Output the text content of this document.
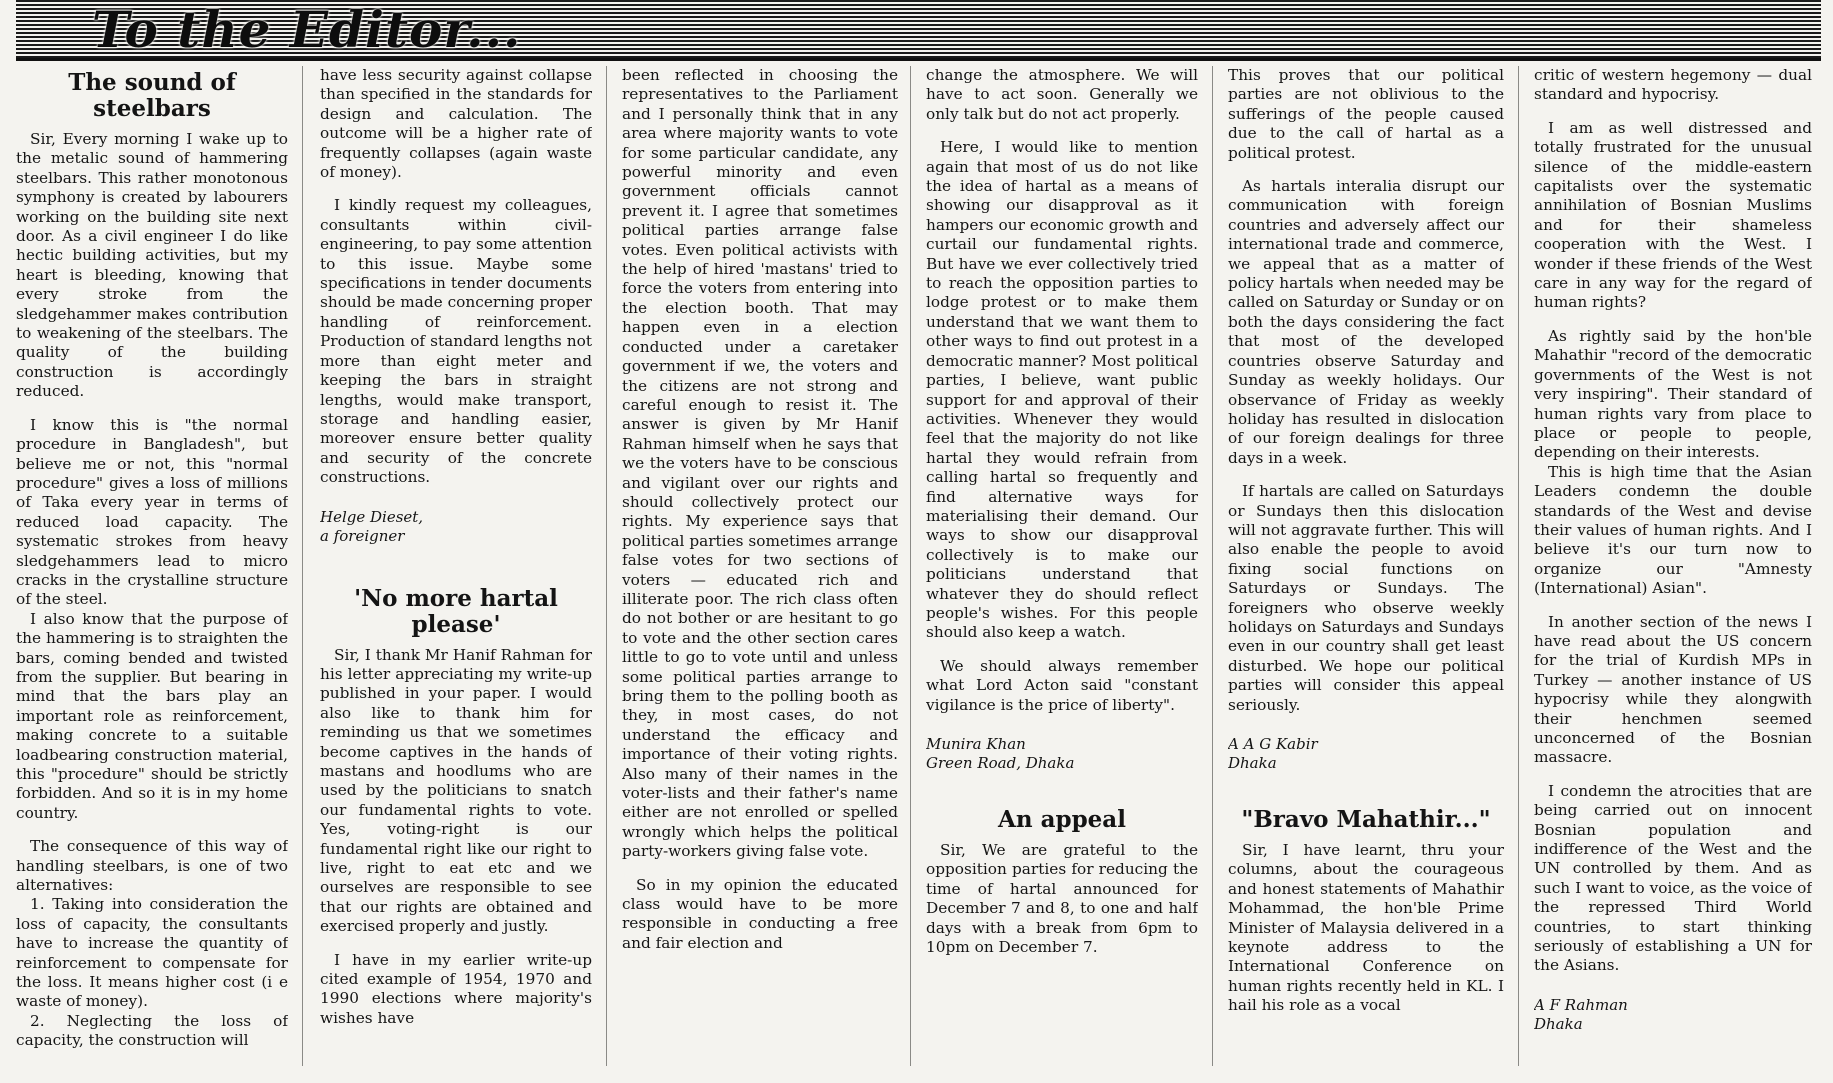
To the Editor...
The sound of steelbars

Sir, Every morning I wake up to the metalic sound of hammering steelbars. This rather monotonous symphony is created by labourers working on the building site next door. As a civil engineer I do like hectic building activities, but my heart is bleeding, knowing that every stroke from the sledgehammer makes contribution to weakening of the steelbars. The quality of the building construction is accordingly reduced.

I know this is "the normal procedure in Bangladesh", but believe me or not, this "normal procedure" gives a loss of millions of Taka every year in terms of reduced load capacity. The systematic strokes from heavy sledgehammers lead to micro cracks in the crystalline structure of the steel.

I also know that the purpose of the hammering is to straighten the bars, coming bended and twisted from the supplier. But bearing in mind that the bars play an important role as reinforcement, making concrete to a suitable loadbearing construction material, this "procedure" should be strictly forbidden. And so it is in my home country.

The consequence of this way of handling steelbars, is one of two alternatives:

1. Taking into consideration the loss of capacity, the consultants have to increase the quantity of reinforcement to compensate for the loss. It means higher cost (i e waste of money).

2. Neglecting the loss of capacity, the construction will

have less security against collapse than specified in the standards for design and calculation. The outcome will be a higher rate of frequently collapses (again waste of money).

I kindly request my colleagues, consultants within civil-engineering, to pay some attention to this issue. Maybe some specifications in tender documents should be made concerning proper handling of reinforcement. Production of standard lengths not more than eight meter and keeping the bars in straight lengths, would make transport, storage and handling easier, moreover ensure better quality and security of the concrete constructions.

Helge Dieset,
a foreigner
'No more hartal please'

Sir, I thank Mr Hanif Rahman for his letter appreciating my write-up published in your paper. I would also like to thank him for reminding us that we sometimes become captives in the hands of mastans and hoodlums who are used by the politicians to snatch our fundamental rights to vote. Yes, voting-right is our fundamental right like our right to live, right to eat etc and we ourselves are responsible to see that our rights are obtained and exercised properly and justly.

I have in my earlier write-up cited example of 1954, 1970 and 1990 elections where majority's wishes have

been reflected in choosing the representatives to the Parliament and I personally think that in any area where majority wants to vote for some particular candidate, any powerful minority and even government officials cannot prevent it. I agree that sometimes political parties arrange false votes. Even political activists with the help of hired 'mastans' tried to force the voters from entering into the election booth. That may happen even in a election conducted under a caretaker government if we, the voters and the citizens are not strong and careful enough to resist it. The answer is given by Mr Hanif Rahman himself when he says that we the voters have to be conscious and vigilant over our rights and should collectively protect our rights. My experience says that political parties sometimes arrange false votes for two sections of voters — educated rich and illiterate poor. The rich class often do not bother or are hesitant to go to vote and the other section cares little to go to vote until and unless some political parties arrange to bring them to the polling booth as they, in most cases, do not understand the efficacy and importance of their voting rights. Also many of their names in the voter-lists and their father's name either are not enrolled or spelled wrongly which helps the political party-workers giving false vote.

So in my opinion the educated class would have to be more responsible in conducting a free and fair election and

change the atmosphere. We will have to act soon. Generally we only talk but do not act properly.

Here, I would like to mention again that most of us do not like the idea of hartal as a means of showing our disapproval as it hampers our economic growth and curtail our fundamental rights. But have we ever collectively tried to reach the opposition parties to lodge protest or to make them understand that we want them to other ways to find out protest in a democratic manner? Most political parties, I believe, want public support for and approval of their activities. Whenever they would feel that the majority do not like hartal they would refrain from calling hartal so frequently and find alternative ways for materialising their demand. Our ways to show our disapproval collectively is to make our politicians understand that whatever they do should reflect people's wishes. For this people should also keep a watch.

We should always remember what Lord Acton said "constant vigilance is the price of liberty".

Munira Khan
Green Road, Dhaka
An appeal

Sir, We are grateful to the opposition parties for reducing the time of hartal announced for December 7 and 8, to one and half days with a break from 6pm to 10pm on December 7.

This proves that our political parties are not oblivious to the sufferings of the people caused due to the call of hartal as a political protest.

As hartals interalia disrupt our communication with foreign countries and adversely affect our international trade and commerce, we appeal that as a matter of policy hartals when needed may be called on Saturday or Sunday or on both the days considering the fact that most of the developed countries observe Saturday and Sunday as weekly holidays. Our observance of Friday as weekly holiday has resulted in dislocation of our foreign dealings for three days in a week.

If hartals are called on Saturdays or Sundays then this dislocation will not aggravate further. This will also enable the people to avoid fixing social functions on Saturdays or Sundays. The foreigners who observe weekly holidays on Saturdays and Sundays even in our country shall get least disturbed. We hope our political parties will consider this appeal seriously.

A A G Kabir
Dhaka
"Bravo Mahathir..."

Sir, I have learnt, thru your columns, about the courageous and honest statements of Mahathir Mohammad, the hon'ble Prime Minister of Malaysia delivered in a keynote address to the International Conference on human rights recently held in KL. I hail his role as a vocal

critic of western hegemony — dual standard and hypocrisy.

I am as well distressed and totally frustrated for the unusual silence of the middle-eastern capitalists over the systematic annihilation of Bosnian Muslims and for their shameless cooperation with the West. I wonder if these friends of the West care in any way for the regard of human rights?

As rightly said by the hon'ble Mahathir "record of the democratic governments of the West is not very inspiring". Their standard of human rights vary from place to place or people to people, depending on their interests.

This is high time that the Asian Leaders condemn the double standards of the West and devise their values of human rights. And I believe it's our turn now to organize our "Amnesty (International) Asian".

In another section of the news I have read about the US concern for the trial of Kurdish MPs in Turkey — another instance of US hypocrisy while they alongwith their henchmen seemed unconcerned of the Bosnian massacre.

I condemn the atrocities that are being carried out on innocent Bosnian population and indifference of the West and the UN controlled by them. And as such I want to voice, as the voice of the repressed Third World countries, to start thinking seriously of establishing a UN for the Asians.

A F Rahman
Dhaka
